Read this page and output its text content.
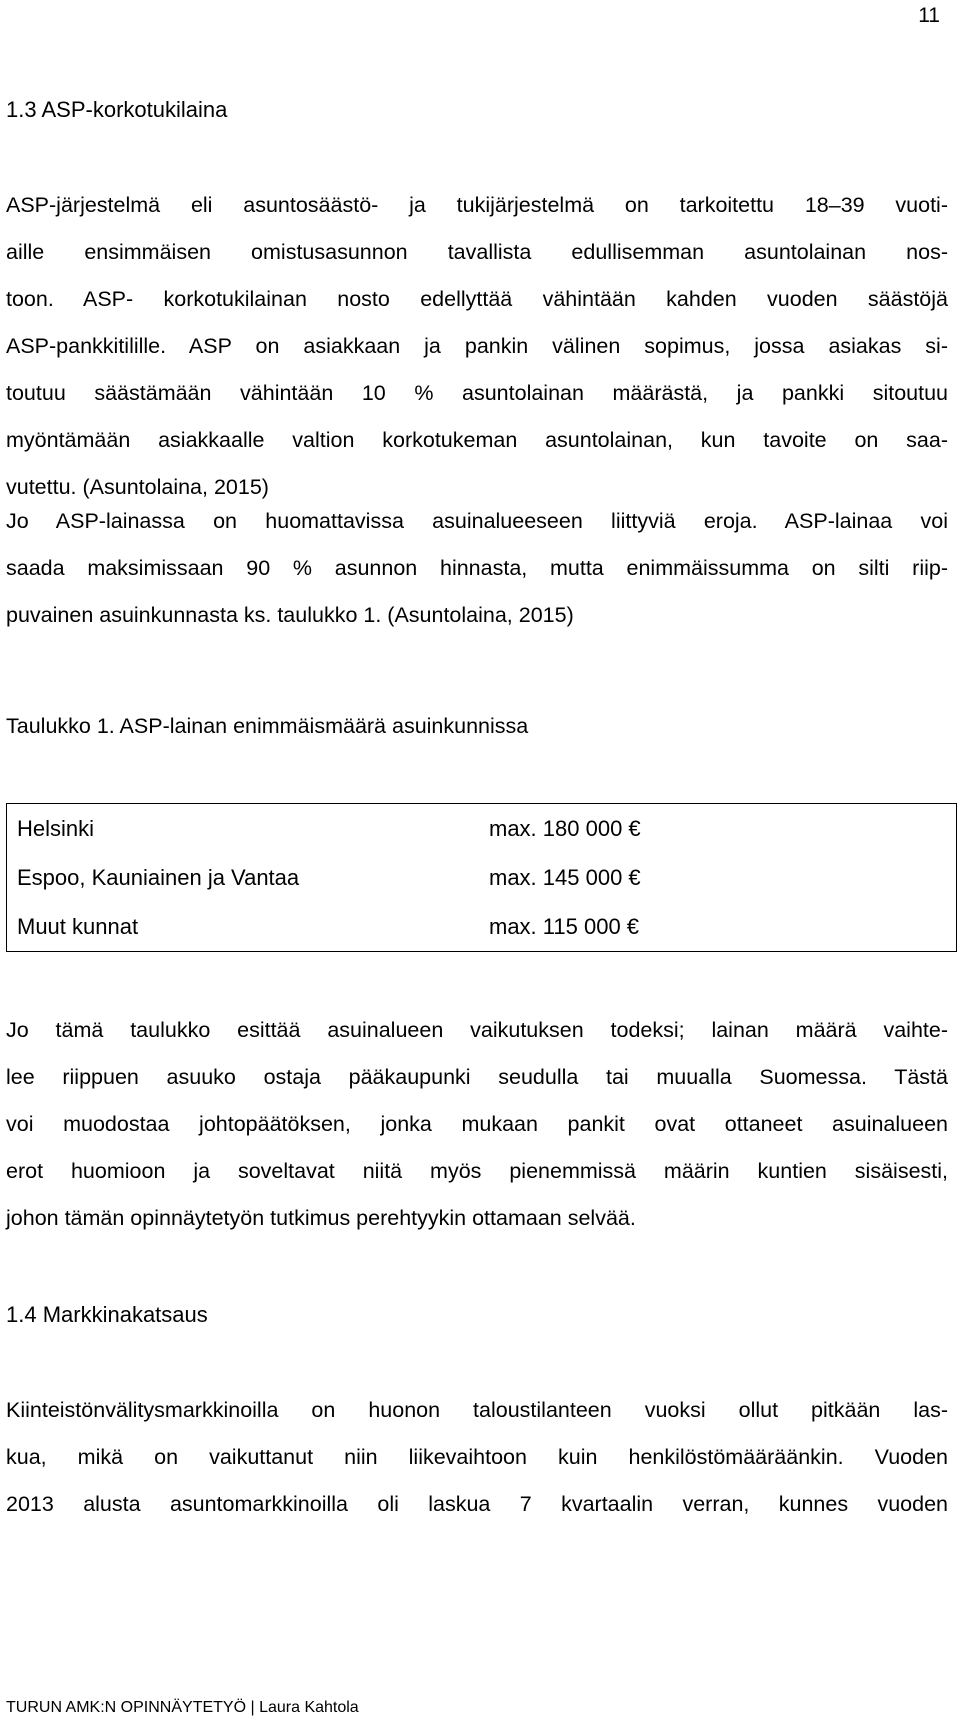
11
1.3 ASP-korkotukilaina
ASP-järjestelmä eli asuntosäästö- ja tukijärjestelmä on tarkoitettu 18–39 vuoti-
aille ensimmäisen omistusasunnon tavallista edullisemman asuntolainan nos-
toon. ASP- korkotukilainan nosto edellyttää vähintään kahden vuoden säästöjä
ASP-pankkitilille. ASP on asiakkaan ja pankin välinen sopimus, jossa asiakas si-
toutuu säästämään vähintään 10 % asuntolainan määrästä, ja pankki sitoutuu
myöntämään asiakkaalle valtion korkotukeman asuntolainan, kun tavoite on saa-
vutettu. (Asuntolaina, 2015)
Jo ASP-lainassa on huomattavissa asuinalueeseen liittyviä eroja. ASP-lainaa voi
saada maksimissaan 90 % asunnon hinnasta, mutta enimmäissumma on silti riip-
puvainen asuinkunnasta ks. taulukko 1. (Asuntolaina, 2015)
Taulukko 1. ASP-lainan enimmäismäärä asuinkunnissa
Helsinki	max. 180 000 €
Espoo, Kauniainen ja Vantaa	max. 145 000 €
Muut kunnat	max. 115 000 €
Jo tämä taulukko esittää asuinalueen vaikutuksen todeksi; lainan määrä vaihte-
lee riippuen asuuko ostaja pääkaupunki seudulla tai muualla Suomessa. Tästä
voi muodostaa johtopäätöksen, jonka mukaan pankit ovat ottaneet asuinalueen
erot huomioon ja soveltavat niitä myös pienemmissä määrin kuntien sisäisesti,
johon tämän opinnäytetyön tutkimus perehtyykin ottamaan selvää.
1.4 Markkinakatsaus
Kiinteistönvälitysmarkkinoilla on huonon taloustilanteen vuoksi ollut pitkään las-
kua, mikä on vaikuttanut niin liikevaihtoon kuin henkilöstömääräänkin. Vuoden
2013 alusta asuntomarkkinoilla oli laskua 7 kvartaalin verran, kunnes vuoden
TURUN AMK:N OPINNÄYTETYÖ | Laura Kahtola
